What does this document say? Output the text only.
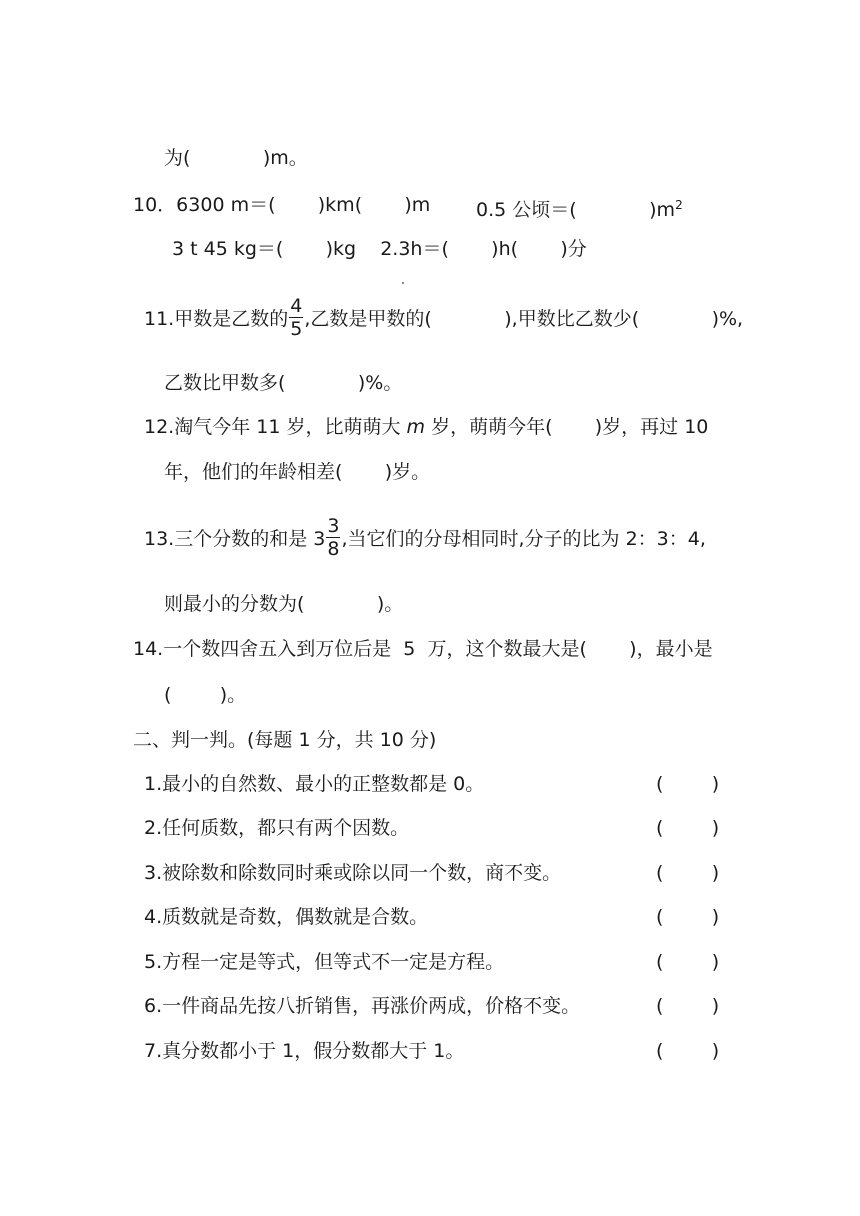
为(            )m。
10．6300 m＝(       )km(       )m 0.5 公顷＝(            )$m^2$
3 t 45 kg＝(       )kg    2.3h＝(       )h(       )分
11.甲数是乙数的 $\frac{4}{5}$ ,乙数是甲数的(            ),甲数比乙数少(            )%,
乙数比甲数多(            )%。
12.淘气今年 11 岁，比萌萌大 m 岁，萌萌今年(       )岁，再过 10
年，他们的年龄相差(       )岁。
13.三个分数的和是 $3 \frac{3}{8}$ ,当它们的分母相同时,分子的比为 2：3：4,
则最小的分数为(            )。
14.一个数四舍五入到万位后是  5  万，这个数最大是(       )，最小是
(        )。
二、判一判。(每题 1 分，共 10 分)
1.最小的自然数、最小的正整数都是 0。	(        )
2.任何质数，都只有两个因数。	(        )
3.被除数和除数同时乘或除以同一个数，商不变。	(        )
4.质数就是奇数，偶数就是合数。	(        )
5.方程一定是等式，但等式不一定是方程。	(        )
6.一件商品先按八折销售，再涨价两成，价格不变。	(        )
7.真分数都小于 1，假分数都大于 1。	(        )
